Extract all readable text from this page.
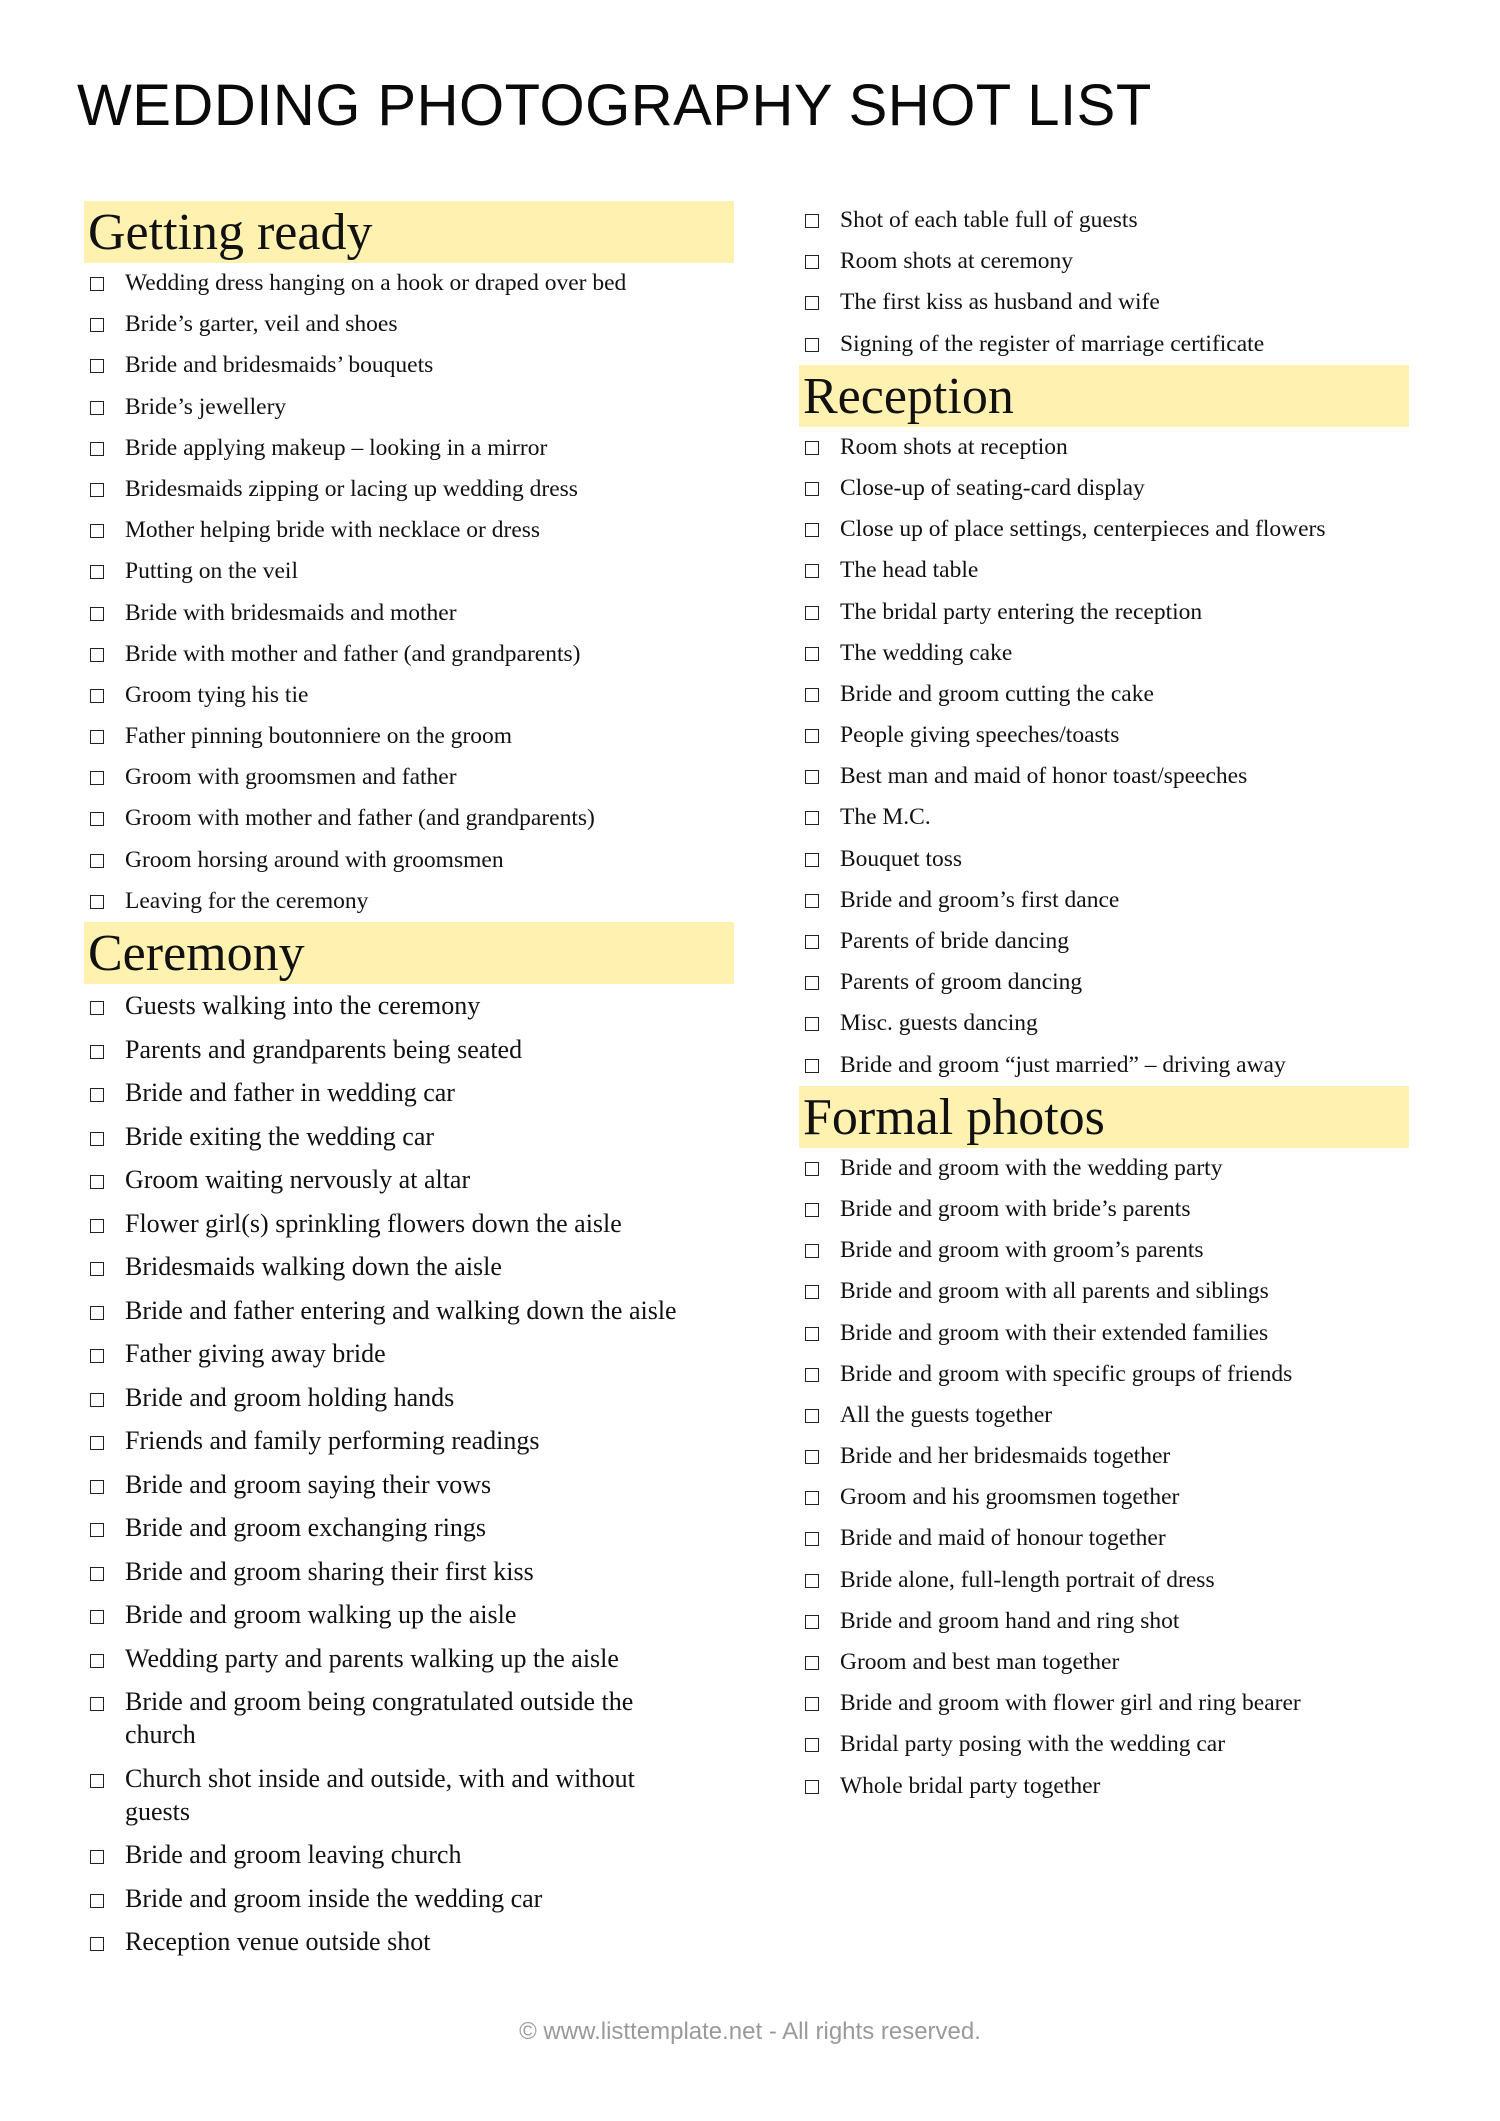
WEDDING PHOTOGRAPHY SHOT LIST
Getting ready
Wedding dress hanging on a hook or draped over bed
Bride’s garter, veil and shoes
Bride and bridesmaids’ bouquets
Bride’s jewellery
Bride applying makeup – looking in a mirror
Bridesmaids zipping or lacing up wedding dress
Mother helping bride with necklace or dress
Putting on the veil
Bride with bridesmaids and mother
Bride with mother and father (and grandparents)
Groom tying his tie
Father pinning boutonniere on the groom
Groom with groomsmen and father
Groom with mother and father (and grandparents)
Groom horsing around with groomsmen
Leaving for the ceremony
Ceremony
Guests walking into the ceremony
Parents and grandparents being seated
Bride and father in wedding car
Bride exiting the wedding car
Groom waiting nervously at altar
Flower girl(s) sprinkling flowers down the aisle
Bridesmaids walking down the aisle
Bride and father entering and walking down the aisle
Father giving away bride
Bride and groom holding hands
Friends and family performing readings
Bride and groom saying their vows
Bride and groom exchanging rings
Bride and groom sharing their first kiss
Bride and groom walking up the aisle
Wedding party and parents walking up the aisle
Bride and groom being congratulated outside the church
Church shot inside and outside, with and without guests
Bride and groom leaving church
Bride and groom inside the wedding car
Reception venue outside shot
Shot of each table full of guests
Room shots at ceremony
The first kiss as husband and wife
Signing of the register of marriage certificate
Reception
Room shots at reception
Close-up of seating-card display
Close up of place settings, centerpieces and flowers
The head table
The bridal party entering the reception
The wedding cake
Bride and groom cutting the cake
People giving speeches/toasts
Best man and maid of honor toast/speeches
The M.C.
Bouquet toss
Bride and groom’s first dance
Parents of bride dancing
Parents of groom dancing
Misc. guests dancing
Bride and groom “just married” – driving away
Formal photos
Bride and groom with the wedding party
Bride and groom with bride’s parents
Bride and groom with groom’s parents
Bride and groom with all parents and siblings
Bride and groom with their extended families
Bride and groom with specific groups of friends
All the guests together
Bride and her bridesmaids together
Groom and his groomsmen together
Bride and maid of honour together
Bride alone, full-length portrait of dress
Bride and groom hand and ring shot
Groom and best man together
Bride and groom with flower girl and ring bearer
Bridal party posing with the wedding car
Whole bridal party together
© www.listtemplate.net - All rights reserved.
